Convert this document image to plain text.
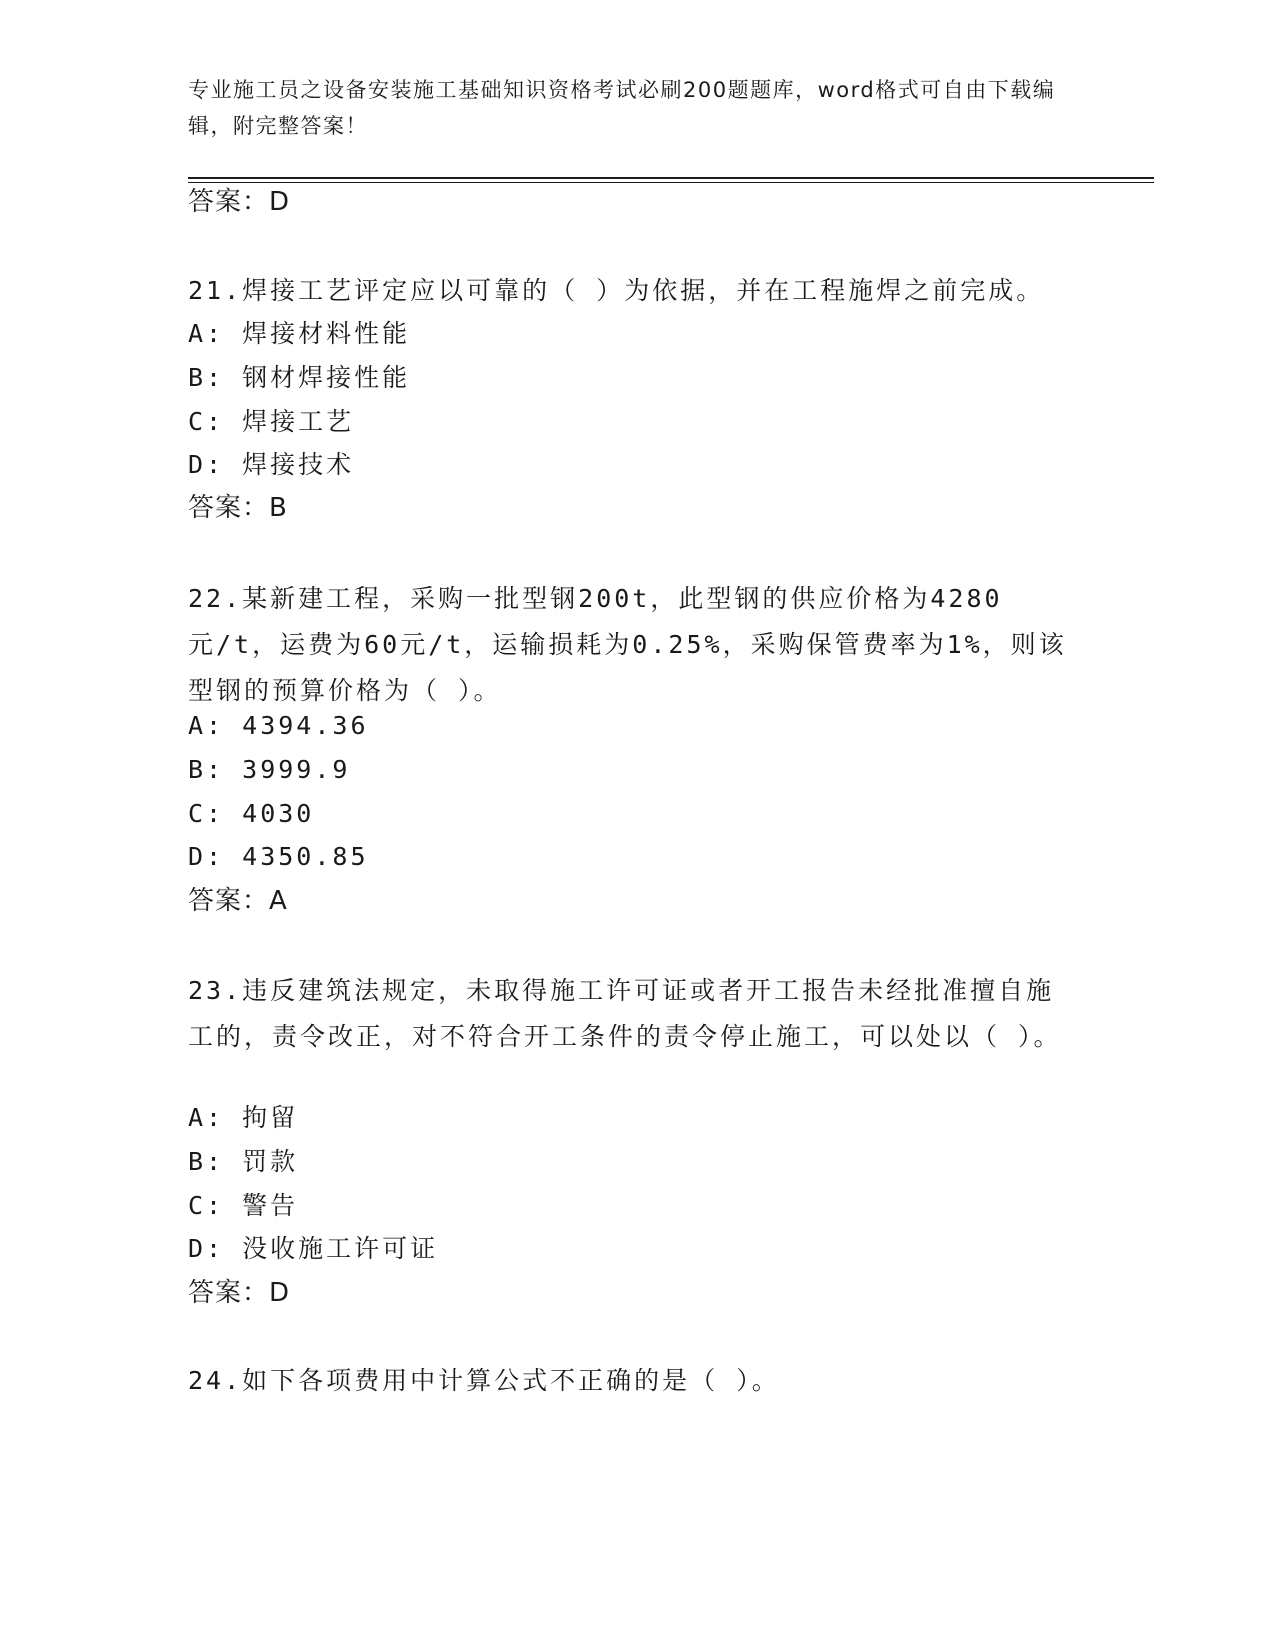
专业施工员之设备安装施工基础知识资格考试必刷200题题库，word格式可自由下载编辑，附完整答案！
答案：D
21.焊接工艺评定应以可靠的（ ）为依据，并在工程施焊之前完成。
A: 焊接材料性能
B: 钢材焊接性能
C: 焊接工艺
D: 焊接技术
答案：B
22.某新建工程，采购一批型钢200t，此型钢的供应价格为4280元/t，运费为60元/t，运输损耗为0.25%，采购保管费率为1%，则该型钢的预算价格为（ ）。
A: 4394.36
B: 3999.9
C: 4030
D: 4350.85
答案：A
23.违反建筑法规定，未取得施工许可证或者开工报告未经批准擅自施工的，责令改正，对不符合开工条件的责令停止施工，可以处以（ ）。
A: 拘留
B: 罚款
C: 警告
D: 没收施工许可证
答案：D
24.如下各项费用中计算公式不正确的是（ ）。
